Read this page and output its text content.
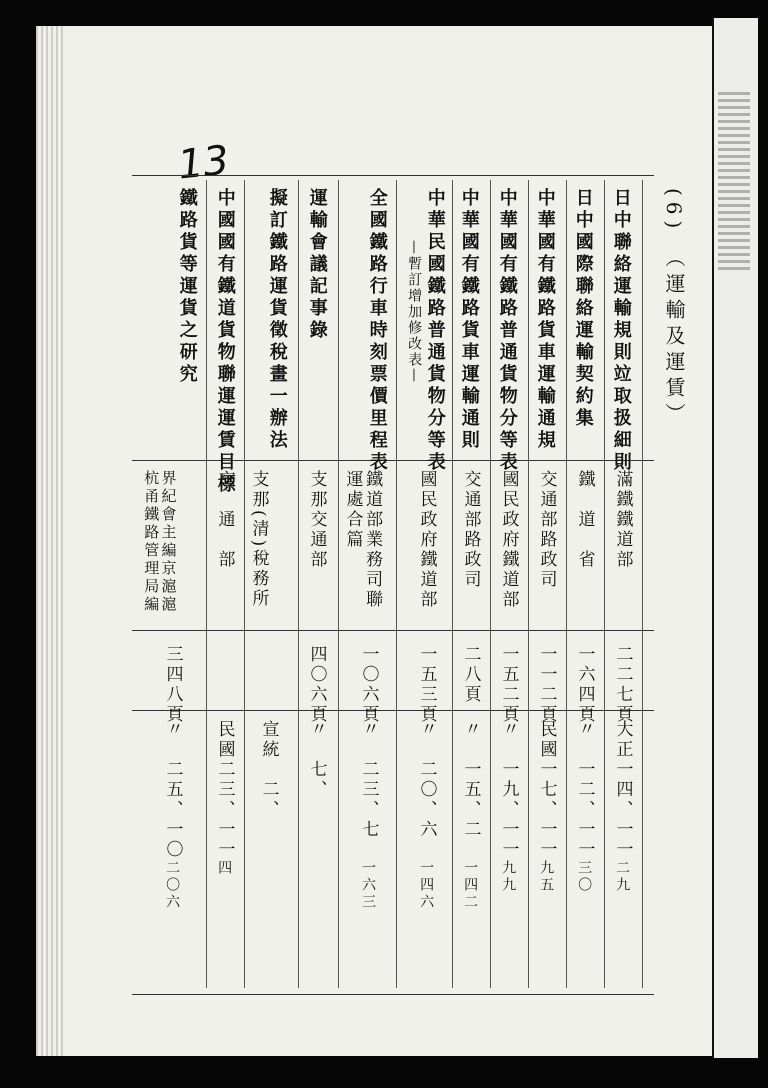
13
(6) ︵運輸及運賃︶
日中聯絡運輸規則竝取扱細則
滿鐵鐵道部
二二七頁
大正一四、一一
二九
日中國際聯絡運輸契約集
鐵　道　省
一六四頁
〃　一二、一一
三〇
中華國有鐵路貨車運輸通規
交通部路政司
一一二頁
民國一七、一一
九五
中華國有鐵路普通貨物分等表
國民政府鐵道部
一五二頁
〃　一九、一一
九九
中華國有鐵路貨車運輸通則
交通部路政司
二八頁
〃　一五、二
一四二
中華民國鐵路普通貨物分等表
—暫訂增加修改表—
國民政府鐵道部
一五三頁
〃　二〇、六
一四六
全國鐵路行車時刻票價里程表
鐵道部業務司聯運處合篇
一〇六頁
〃　二三、七
一六三
運輸會議記事錄
支那交通部
四〇六頁
〃　七、
擬訂鐵路運貨徵稅畫一辦法
支那(清)稅務所
宣統　二、
中國國有鐵道貨物聯運運賃目標
交　通　部
民國二三、一一
四
鐵路貨等運貨之研究
界紀會主編京滬滬杭甬鐵路管理局編
三四八頁
〃　二五、一〇
二〇六
